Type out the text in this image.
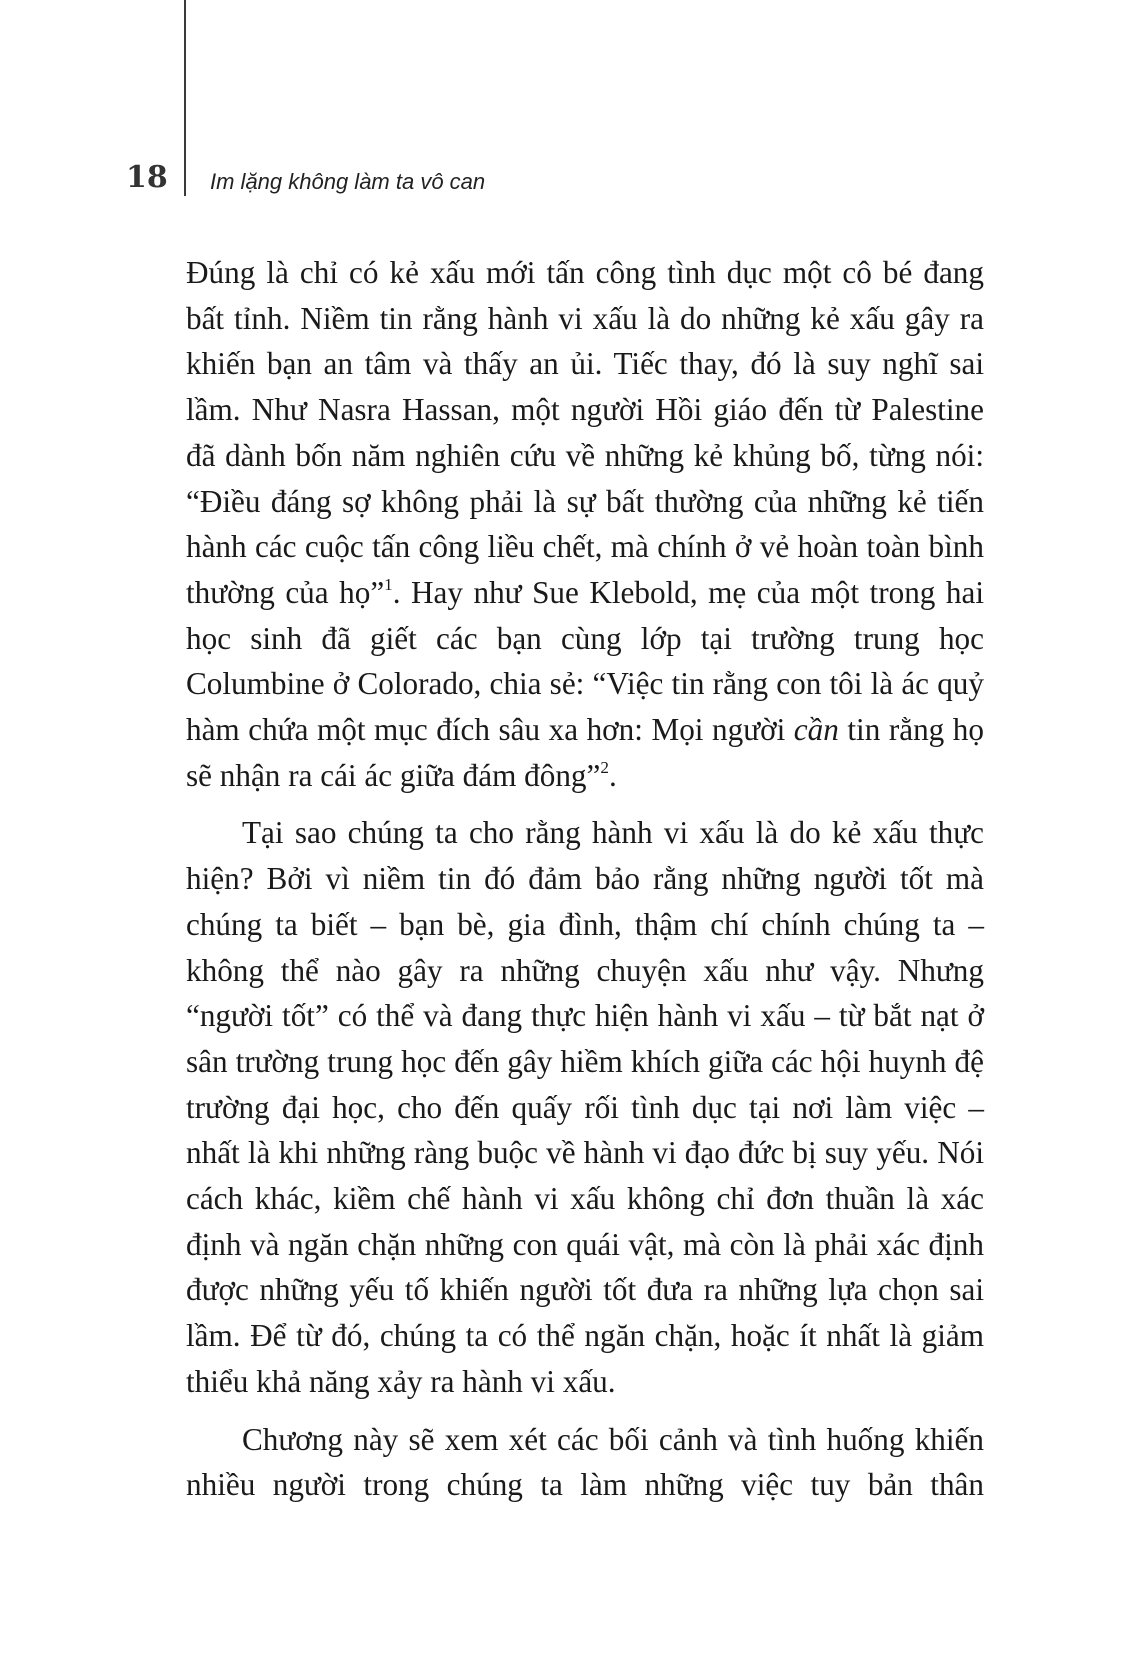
18 Im lặng không làm ta vô can

Đúng là chỉ có kẻ xấu mới tấn công tình dục một cô bé đang bất tỉnh. Niềm tin rằng hành vi xấu là do những kẻ xấu gây ra khiến bạn an tâm và thấy an ủi. Tiếc thay, đó là suy nghĩ sai lầm. Như Nasra Hassan, một người Hồi giáo đến từ Palestine đã dành bốn năm nghiên cứu về những kẻ khủng bố, từng nói: “Điều đáng sợ không phải là sự bất thường của những kẻ tiến hành các cuộc tấn công liều chết, mà chính ở vẻ hoàn toàn bình thường của họ”$^1$. Hay như Sue Klebold, mẹ của một trong hai học sinh đã giết các bạn cùng lớp tại trường trung học Columbine ở Colorado, chia sẻ: “Việc tin rằng con tôi là ác quỷ hàm chứa một mục đích sâu xa hơn: Mọi người cần tin rằng họ sẽ nhận ra cái ác giữa đám đông”$^2$.

Tại sao chúng ta cho rằng hành vi xấu là do kẻ xấu thực hiện? Bởi vì niềm tin đó đảm bảo rằng những người tốt mà chúng ta biết – bạn bè, gia đình, thậm chí chính chúng ta – không thể nào gây ra những chuyện xấu như vậy. Nhưng “người tốt” có thể và đang thực hiện hành vi xấu – từ bắt nạt ở sân trường trung học đến gây hiềm khích giữa các hội huynh đệ trường đại học, cho đến quấy rối tình dục tại nơi làm việc – nhất là khi những ràng buộc về hành vi đạo đức bị suy yếu. Nói cách khác, kiềm chế hành vi xấu không chỉ đơn thuần là xác định và ngăn chặn những con quái vật, mà còn là phải xác định được những yếu tố khiến người tốt đưa ra những lựa chọn sai lầm. Để từ đó, chúng ta có thể ngăn chặn, hoặc ít nhất là giảm thiểu khả năng xảy ra hành vi xấu.

Chương này sẽ xem xét các bối cảnh và tình huống khiến nhiều người trong chúng ta làm những việc tuy bản thân
